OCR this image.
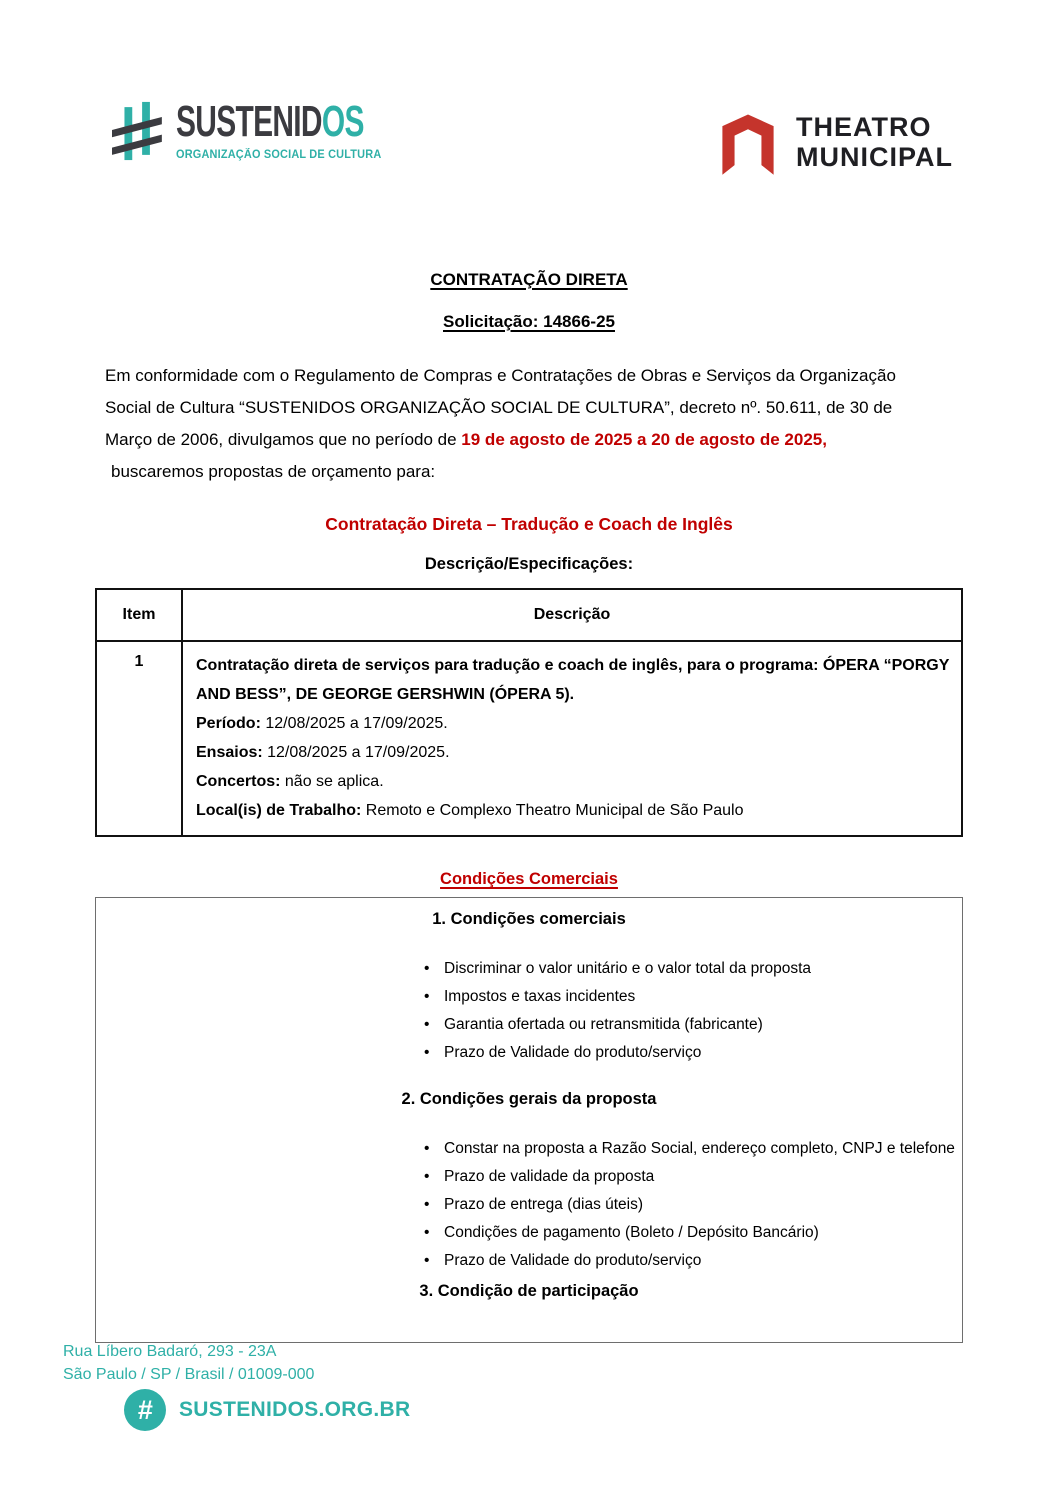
SUSTENIDOS
ORGANIZAÇÃO SOCIAL DE CULTURA
THEATRO
MUNICIPAL
CONTRATAÇÃO DIRETA
Solicitação: 14866-25
Em conformidade com o Regulamento de Compras e Contratações de Obras e Serviços da Organização
Social de Cultura “SUSTENIDOS ORGANIZAÇÃO SOCIAL DE CULTURA”, decreto nº. 50.611, de 30 de
Março de 2006, divulgamos que no período de 19 de agosto de 2025 a 20 de agosto de 2025,
buscaremos propostas de orçamento para:
Contratação Direta – Tradução e Coach de Inglês
Descrição/Especificações:
Item	Descrição
1	Contratação direta de serviços para tradução e coach de inglês, para o programa: ÓPERA “PORGY AND BESS”, DE GEORGE GERSHWIN (ÓPERA 5).
Período: 12/08/2025 a 17/09/2025.
Ensaios: 12/08/2025 a 17/09/2025.
Concertos: não se aplica.
Local(is) de Trabalho: Remoto e Complexo Theatro Municipal de São Paulo
Condições Comerciais
1. Condições comerciais
• Discriminar o valor unitário e o valor total da proposta
• Impostos e taxas incidentes
• Garantia ofertada ou retransmitida (fabricante)
• Prazo de Validade do produto/serviço
2. Condições gerais da proposta
• Constar na proposta a Razão Social, endereço completo, CNPJ e telefone
• Prazo de validade da proposta
• Prazo de entrega (dias úteis)
• Condições de pagamento (Boleto / Depósito Bancário)
• Prazo de Validade do produto/serviço
3. Condição de participação
Rua Líbero Badaró, 293 - 23A
São Paulo / SP / Brasil / 01009-000
#	SUSTENIDOS.ORG.BR
